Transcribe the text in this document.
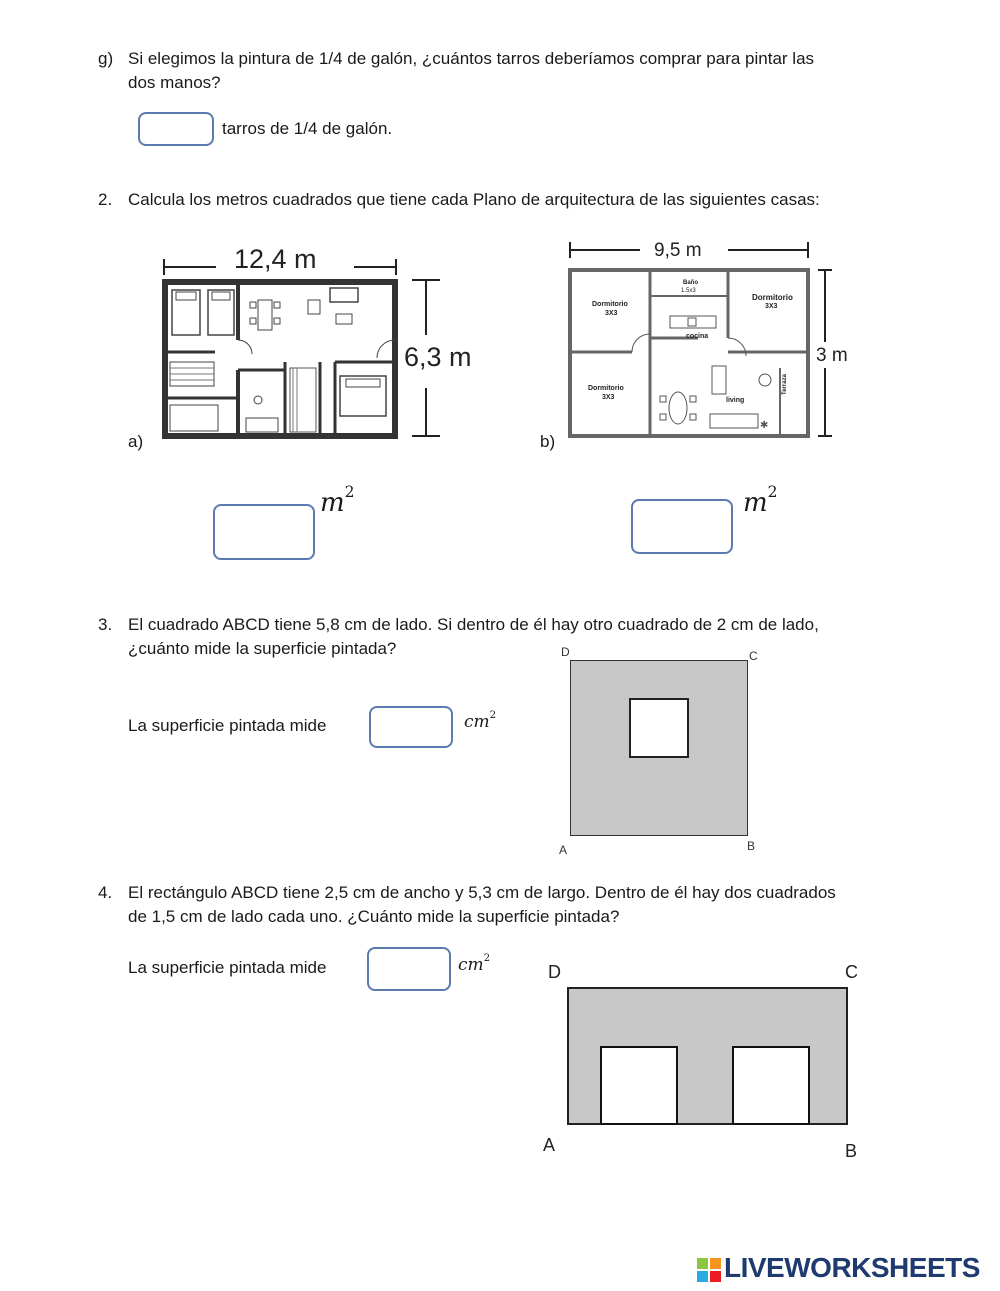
g) Si elegimos la pintura de 1/4 de galón, ¿cuántos tarros deberíamos comprar para pintar las
dos manos?
tarros de 1/4 de galón.
2. Calcula los metros cuadrados que tiene cada Plano de arquitectura de las siguientes casas:
12,4 m
6,3 m
a)
$m^2$
✱
9,5 m
3 m
Dormitorio
3X3
Baño
1.5x3
Dormitorio
3X3
cocina
Dormitorio
3X3	living
Terraza
b)
$m^2$
3. El cuadrado ABCD tiene 5,8 cm de lado. Si dentro de él hay otro cuadrado de 2 cm de lado,
¿cuánto mide la superficie pintada?
La superficie pintada mide	$cm^2$
D	C
A	B
4. El rectángulo ABCD tiene 2,5 cm de ancho y 5,3 cm de largo. Dentro de él hay dos cuadrados
de 1,5 cm de lado cada uno. ¿Cuánto mide la superficie pintada?
La superficie pintada mide	$cm^2$
D	C
A	B
LIVEWORKSHEETS
